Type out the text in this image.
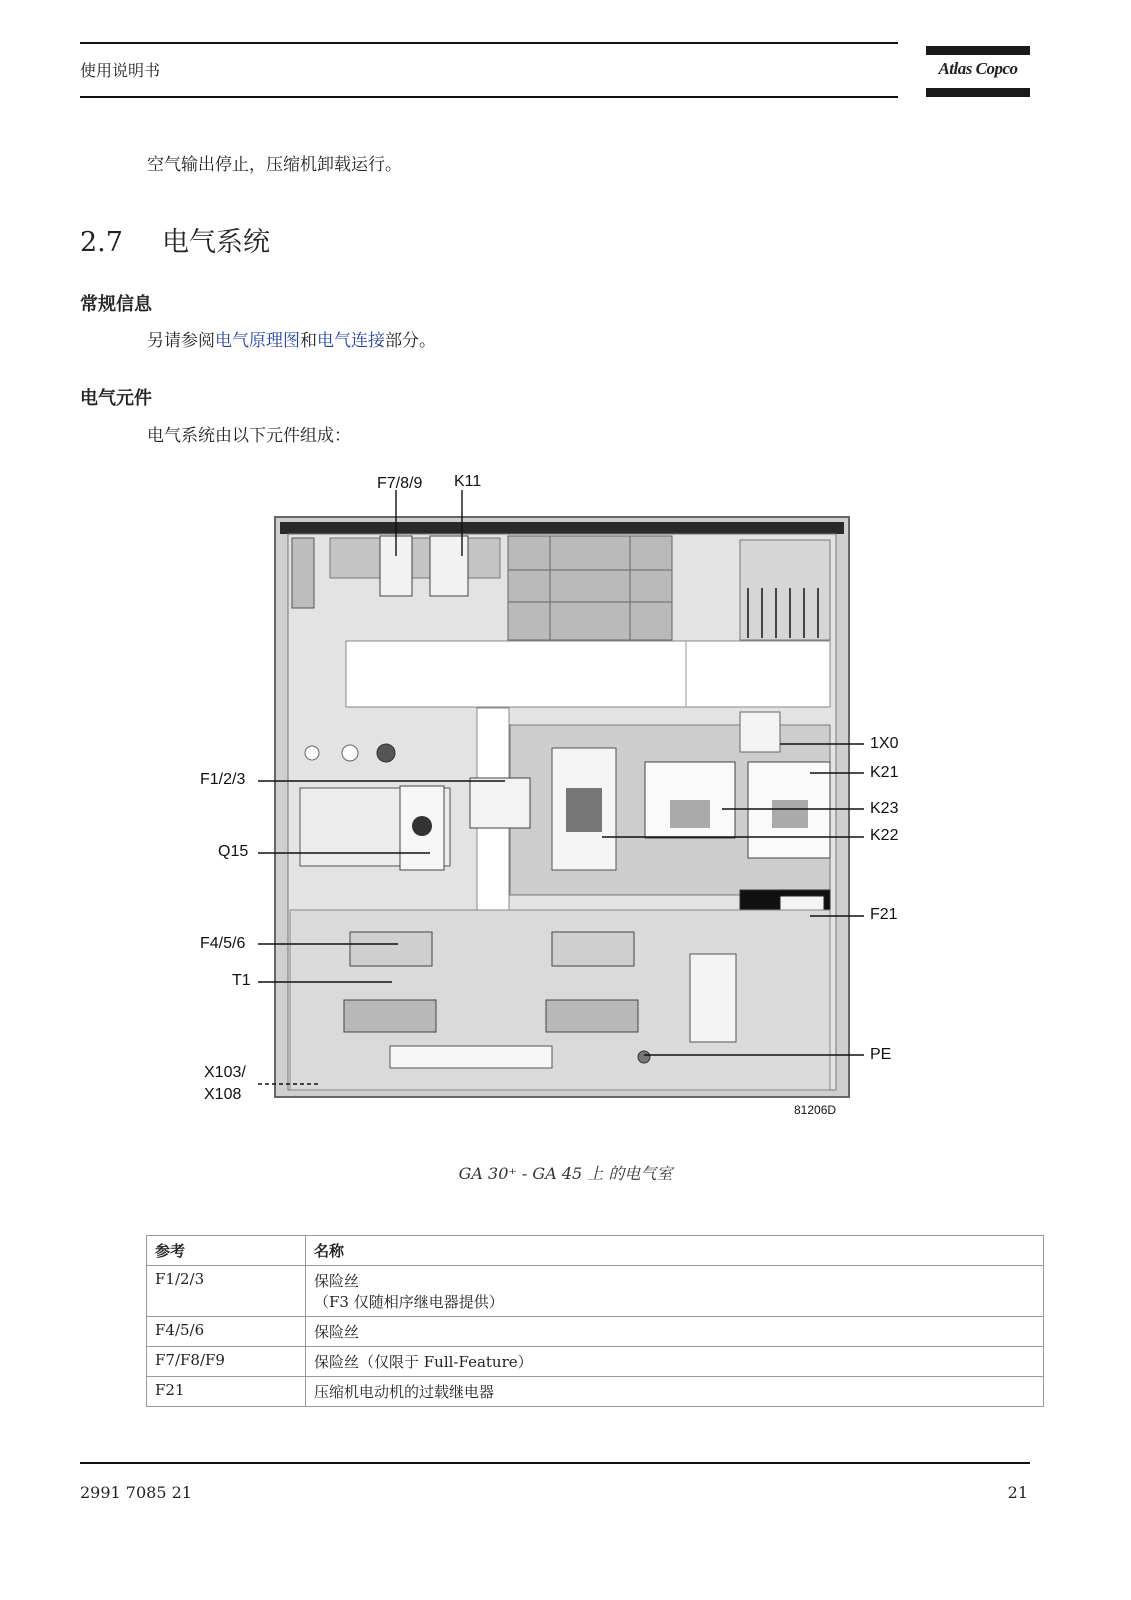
使用说明书	Atlas Copco
空气输出停止，压缩机卸载运行。
2.7 电气系统
常规信息
另请参阅电气原理图和电气连接部分。
电气元件
电气系统由以下元件组成：
F7/8/9 K11
1X0
K21
F1/2/3
K23
K22
Q15
F21
F4/5/6
T1
PE
X103/
X108
81206D
GA 30⁺ - GA 45 上 的电气室
参考	名称
F1/2/3	保险丝
（F3 仅随相序继电器提供）

F4/5/6	保险丝
F7/F8/F9	保险丝（仅限于 Full-Feature）
F21	压缩机电动机的过载继电器
2991 7085 21	21
